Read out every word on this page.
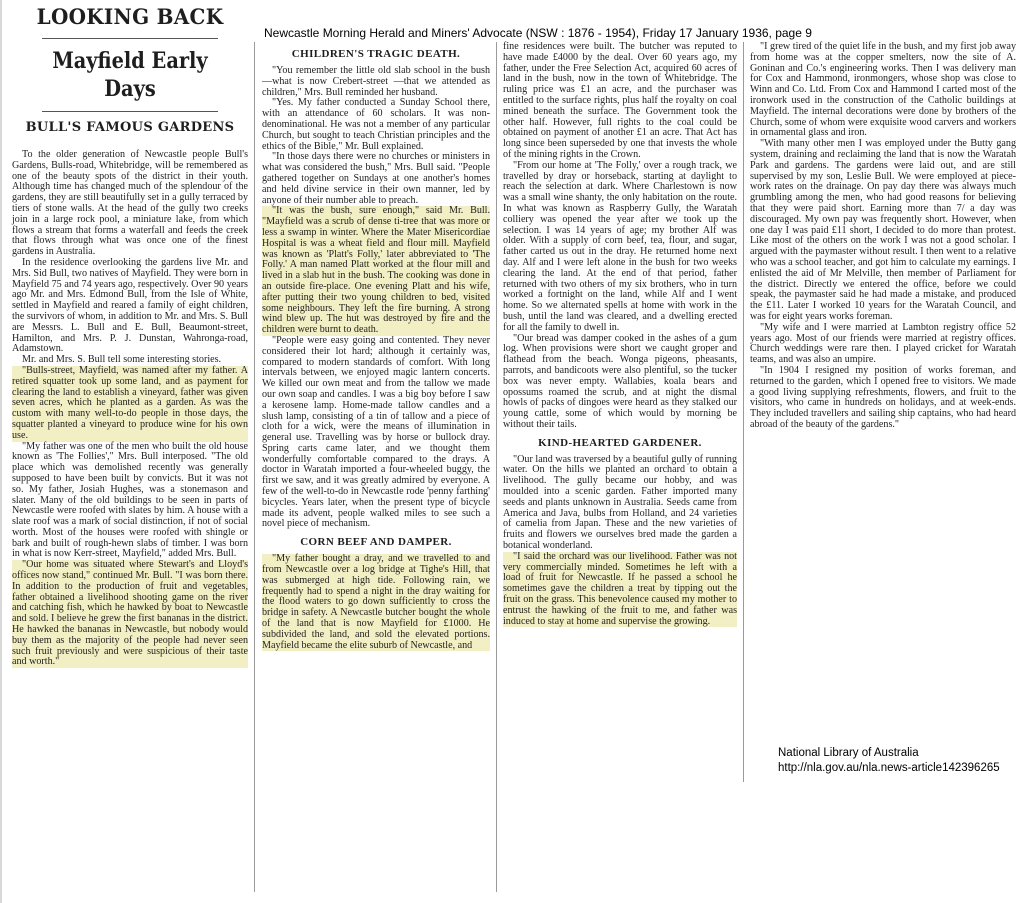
Newcastle Morning Herald and Miners' Advocate (NSW : 1876 - 1954), Friday 17 January 1936, page 9
LOOKING BACK
Mayfield Early Days
BULL'S FAMOUS GARDENS

To the older generation of Newcastle people Bull's Gardens, Bulls-road, Whitebridge, will be remembered as one of the beauty spots of the district in their youth. Although time has changed much of the splendour of the gardens, they are still beautifully set in a gully terraced by tiers of stone walls. At the head of the gully two creeks join in a large rock pool, a miniature lake, from which flows a stream that forms a waterfall and feeds the creek that flows through what was once one of the finest gardens in Australia.

In the residence overlooking the gardens live Mr. and Mrs. Sid Bull, two natives of Mayfield. They were born in Mayfield 75 and 74 years ago, respectively. Over 90 years ago Mr. and Mrs. Edmond Bull, from the Isle of White, settled in Mayfield and reared a family of eight children, the survivors of whom, in addition to Mr. and Mrs. S. Bull are Messrs. L. Bull and E. Bull, Beaumont-street, Hamilton, and Mrs. P. J. Dunstan, Wahronga-road, Adamstown.

Mr. and Mrs. S. Bull tell some interesting stories.

"Bulls-street, Mayfield, was named after my father. A retired squatter took up some land, and as payment for clearing the land to establish a vineyard, father was given seven acres, which he planted as a garden. As was the custom with many well-to-do people in those days, the squatter planted a vineyard to produce wine for his own use.

"My father was one of the men who built the old house known as 'The Follies'," Mrs. Bull interposed. "The old place which was demolished recently was generally supposed to have been built by convicts. But it was not so. My father, Josiah Hughes, was a stonemason and slater. Many of the old buildings to be seen in parts of Newcastle were roofed with slates by him. A house with a slate roof was a mark of social distinction, if not of social worth. Most of the houses were roofed with shingle or bark and built of rough-hewn slabs of timber. I was born in what is now Kerr-street, Mayfield," added Mrs. Bull.

"Our home was situated where Stewart's and Lloyd's offices now stand," continued Mr. Bull. "I was born there. In addition to the production of fruit and vegetables, father obtained a livelihood shooting game on the river and catching fish, which he hawked by boat to Newcastle and sold. I believe he grew the first bananas in the district. He hawked the bananas in Newcastle, but nobody would buy them as the majority of the people had never seen such fruit previously and were suspicious of their taste and worth."

CHILDREN'S TRAGIC DEATH.

"You remember the little old slab school in the bush—what is now Crebert-street —that we attended as children," Mrs. Bull reminded her husband.

"Yes. My father conducted a Sunday School there, with an attendance of 60 scholars. It was non-denominational. He was not a member of any particular Church, but sought to teach Christian principles and the ethics of the Bible," Mr. Bull explained.

"In those days there were no churches or ministers in what was considered the bush," Mrs. Bull said. "People gathered together on Sundays at one another's homes and held divine service in their own manner, led by anyone of their number able to preach.

"It was the bush, sure enough," said Mr. Bull. "Mayfield was a scrub of dense ti-tree that was more or less a swamp in winter. Where the Mater Misericordiae Hospital is was a wheat field and flour mill. Mayfield was known as 'Platt's Folly,' later abbreviated to 'The Folly.' A man named Platt worked at the flour mill and lived in a slab hut in the bush. The cooking was done in an outside fire-place. One evening Platt and his wife, after putting their two young children to bed, visited some neighbours. They left the fire burning. A strong wind blew up. The hut was destroyed by fire and the children were burnt to death.

"People were easy going and contented. They never considered their lot hard; although it certainly was, compared to modern standards of comfort. With long intervals between, we enjoyed magic lantern concerts. We killed our own meat and from the tallow we made our own soap and candles. I was a big boy before I saw a kerosene lamp. Home-made tallow candles and a slush lamp, consisting of a tin of tallow and a piece of cloth for a wick, were the means of illumination in general use. Travelling was by horse or bullock dray. Spring carts came later, and we thought them wonderfully comfortable compared to the drays. A doctor in Waratah imported a four-wheeled buggy, the first we saw, and it was greatly admired by everyone. A few of the well-to-do in Newcastle rode 'penny farthing' bicycles. Years later, when the present type of bicycle made its advent, people walked miles to see such a novel piece of mechanism.

CORN BEEF AND DAMPER.

"My father bought a dray, and we travelled to and from Newcastle over a log bridge at Tighe's Hill, that was submerged at high tide. Following rain, we frequently had to spend a night in the dray waiting for the flood waters to go down sufficiently to cross the bridge in safety. A Newcastle butcher bought the whole of the land that is now Mayfield for £1000. He subdivided the land, and sold the elevated portions. Mayfield became the elite suburb of Newcastle, and

fine residences were built. The butcher was reputed to have made £4000 by the deal. Over 60 years ago, my father, under the Free Selection Act, acquired 60 acres of land in the bush, now in the town of Whitebridge. The ruling price was £1 an acre, and the purchaser was entitled to the surface rights, plus half the royalty on coal mined beneath the surface. The Government took the other half. However, full rights to the coal could be obtained on payment of another £1 an acre. That Act has long since been superseded by one that invests the whole of the mining rights in the Crown.

"From our home at 'The Folly,' over a rough track, we travelled by dray or horseback, starting at daylight to reach the selection at dark. Where Charlestown is now was a small wine shanty, the only habitation on the route. In what was known as Raspberry Gully, the Waratah colliery was opened the year after we took up the selection. I was 14 years of age; my brother Alf was older. With a supply of corn beef, tea, flour, and sugar, father carted us out in the dray. He returned home next day. Alf and I were left alone in the bush for two weeks clearing the land. At the end of that period, father returned with two others of my six brothers, who in turn worked a fortnight on the land, while Alf and I went home. So we alternated spells at home with work in the bush, until the land was cleared, and a dwelling erected for all the family to dwell in.

"Our bread was damper cooked in the ashes of a gum log. When provisions were short we caught groper and flathead from the beach. Wonga pigeons, pheasants, parrots, and bandicoots were also plentiful, so the tucker box was never empty. Wallabies, koala bears and opossums roamed the scrub, and at night the dismal howls of packs of dingoes were heard as they stalked our young cattle, some of which would by morning be without their tails.

KIND-HEARTED GARDENER.

"Our land was traversed by a beautiful gully of running water. On the hills we planted an orchard to obtain a livelihood. The gully became our hobby, and was moulded into a scenic garden. Father imported many seeds and plants unknown in Australia. Seeds came from America and Java, bulbs from Holland, and 24 varieties of camelia from Japan. These and the new varieties of fruits and flowers we ourselves bred made the garden a botanical wonderland.

"I said the orchard was our livelihood. Father was not very commercially minded. Sometimes he left with a load of fruit for Newcastle. If he passed a school he sometimes gave the children a treat by tipping out the fruit on the grass. This benevolence caused my mother to entrust the hawking of the fruit to me, and father was induced to stay at home and supervise the growing.

"I grew tired of the quiet life in the bush, and my first job away from home was at the copper smelters, now the site of A. Goninan and Co.'s engineering works. Then I was delivery man for Cox and Hammond, ironmongers, whose shop was close to Winn and Co. Ltd. From Cox and Hammond I carted most of the ironwork used in the construction of the Catholic buildings at Mayfield. The internal decorations were done by brothers of the Church, some of whom were exquisite wood carvers and workers in ornamental glass and iron.

"With many other men I was employed under the Butty gang system, draining and reclaiming the land that is now the Waratah Park and gardens. The gardens were laid out, and are still supervised by my son, Leslie Bull. We were employed at piece-work rates on the drainage. On pay day there was always much grumbling among the men, who had good reasons for believing that they were paid short. Earning more than 7/ a day was discouraged. My own pay was frequently short. However, when one day I was paid £11 short, I decided to do more than protest. Like most of the others on the work I was not a good scholar. I argued with the paymaster without result. I then went to a relative who was a school teacher, and got him to calculate my earnings. I enlisted the aid of Mr Melville, then member of Parliament for the district. Directly we entered the office, before we could speak, the paymaster said he had made a mistake, and produced the £11. Later I worked 10 years for the Waratah Council, and was for eight years works foreman.

"My wife and I were married at Lambton registry office 52 years ago. Most of our friends were married at registry offices. Church weddings were rare then. I played cricket for Waratah teams, and was also an umpire.

"In 1904 I resigned my position of works foreman, and returned to the garden, which I opened free to visitors. We made a good living supplying refreshments, flowers, and fruit to the visitors, who came in hundreds on holidays, and at week-ends. They included travellers and sailing ship captains, who had heard abroad of the beauty of the gardens."

National Library of Australia
http://nla.gov.au/nla.news-article142396265
